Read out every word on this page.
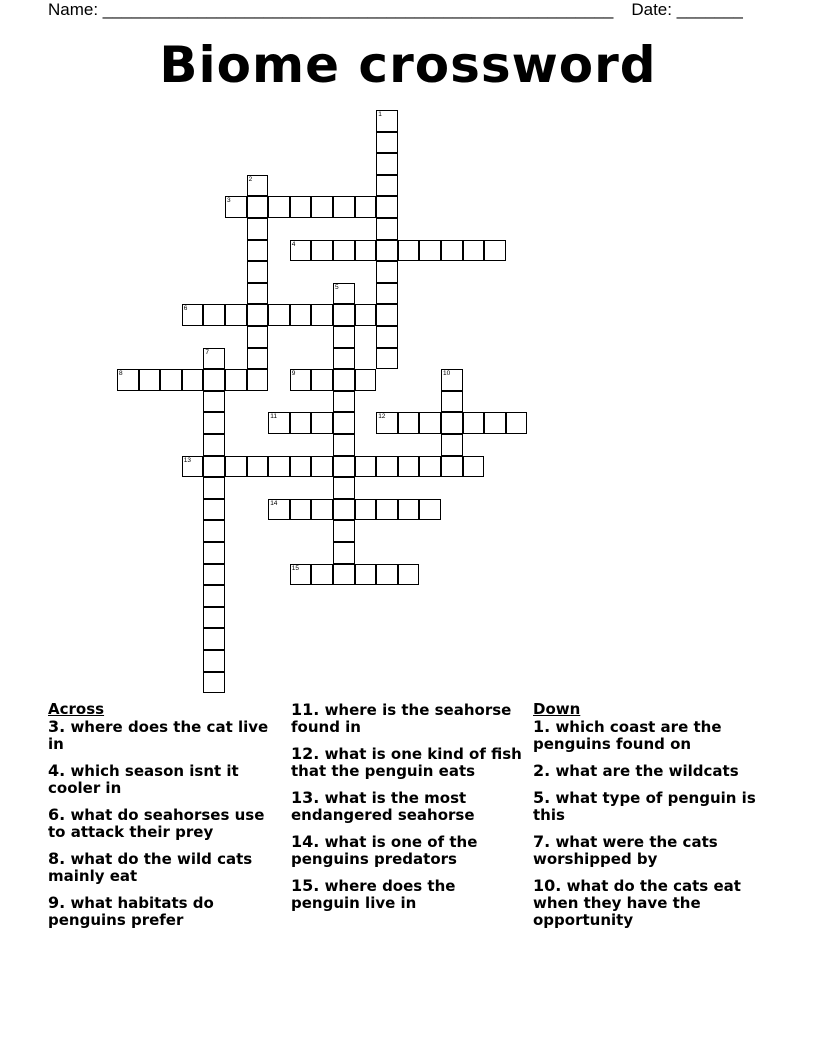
Name: ______________________________________________________ Date: _______
Biome crossword
1
2
3
4
5
6
7
8	9	10
11	12
13
14
15
Across
3. where does the cat live in
4. which season isnt it cooler in
6. what do seahorses use to attack their prey
8. what do the wild cats mainly eat
9. what habitats do penguins prefer

11. where is the seahorse found in
12. what is one kind of fish that the penguin eats
13. what is the most endangered seahorse
14. what is one of the penguins predators
15. where does the penguin live in
Down
1. which coast are the penguins found on
2. what are the wildcats
5. what type of penguin is this
7. what were the cats worshipped by
10. what do the cats eat when they have the opportunity
